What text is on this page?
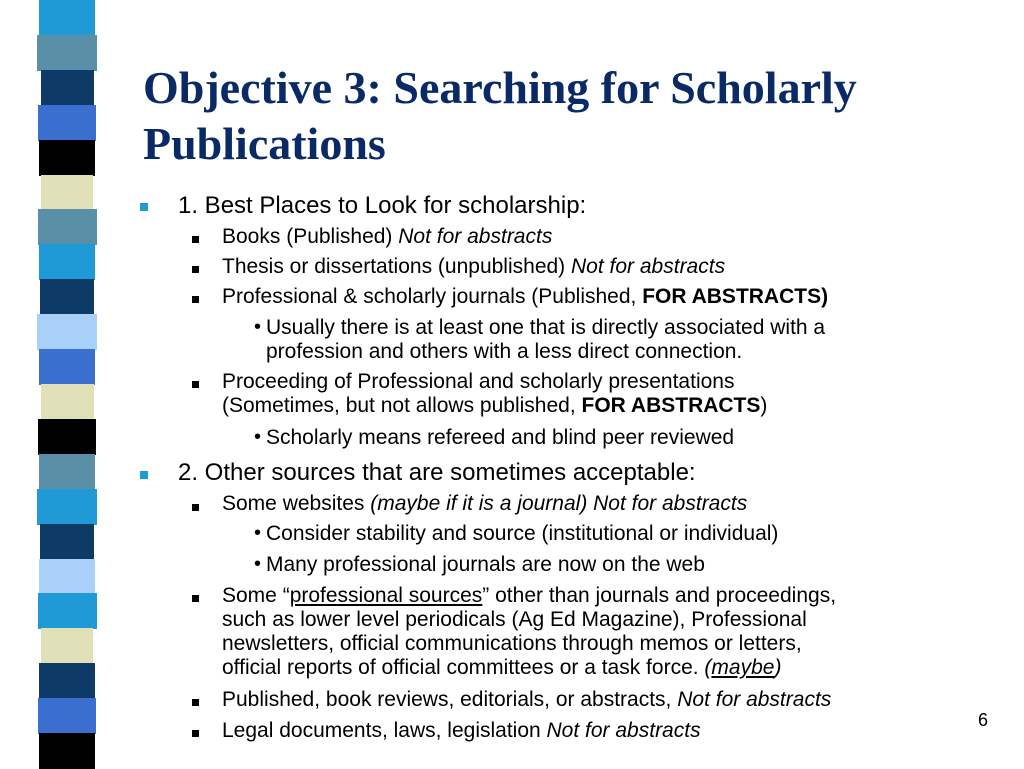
Objective 3: Searching for Scholarly Publications
1. Best Places to Look for scholarship:
Books (Published) Not for abstracts
Thesis or dissertations (unpublished) Not for abstracts
Professional & scholarly journals (Published, FOR ABSTRACTS)
• Usually there is at least one that is directly associated with a
profession and others with a less direct connection.
Proceeding of Professional and scholarly presentations
(Sometimes, but not allows published, FOR ABSTRACTS)
• Scholarly means refereed and blind peer reviewed
2. Other sources that are sometimes acceptable:
Some websites (maybe if it is a journal) Not for abstracts
• Consider stability and source (institutional or individual)
• Many professional journals are now on the web
Some “professional sources” other than journals and proceedings,
such as lower level periodicals (Ag Ed Magazine), Professional
newsletters, official communications through memos or letters,
official reports of official committees or a task force. (maybe)
Published, book reviews, editorials, or abstracts, Not for abstracts
Legal documents, laws, legislation Not for abstracts	6
